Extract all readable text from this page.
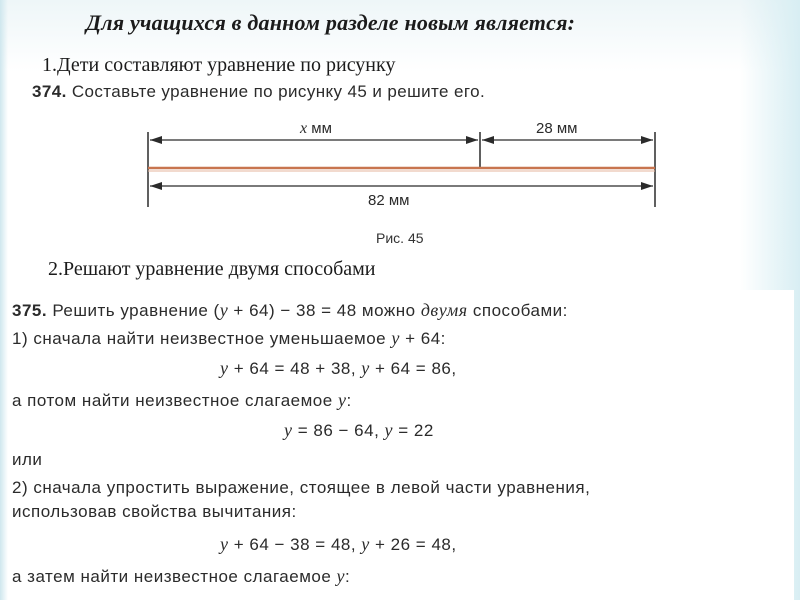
Для учащихся в данном разделе новым является:
1.Дети составляют уравнение по рисунку
374. Составьте уравнение по рисунку 45 и решите его.
x мм	28 мм
82 мм
Рис. 45
2.Решают уравнение двумя способами
375. Решить уравнение (y + 64) − 38 = 48 можно двумя способами:
1) сначала найти неизвестное уменьшаемое y + 64:
y + 64 = 48 + 38, y + 64 = 86,
а потом найти неизвестное слагаемое y:
y = 86 − 64, y = 22
или
2) сначала упростить выражение, стоящее в левой части уравнения,
использовав свойства вычитания:
y + 64 − 38 = 48, y + 26 = 48,
а затем найти неизвестное слагаемое y:
